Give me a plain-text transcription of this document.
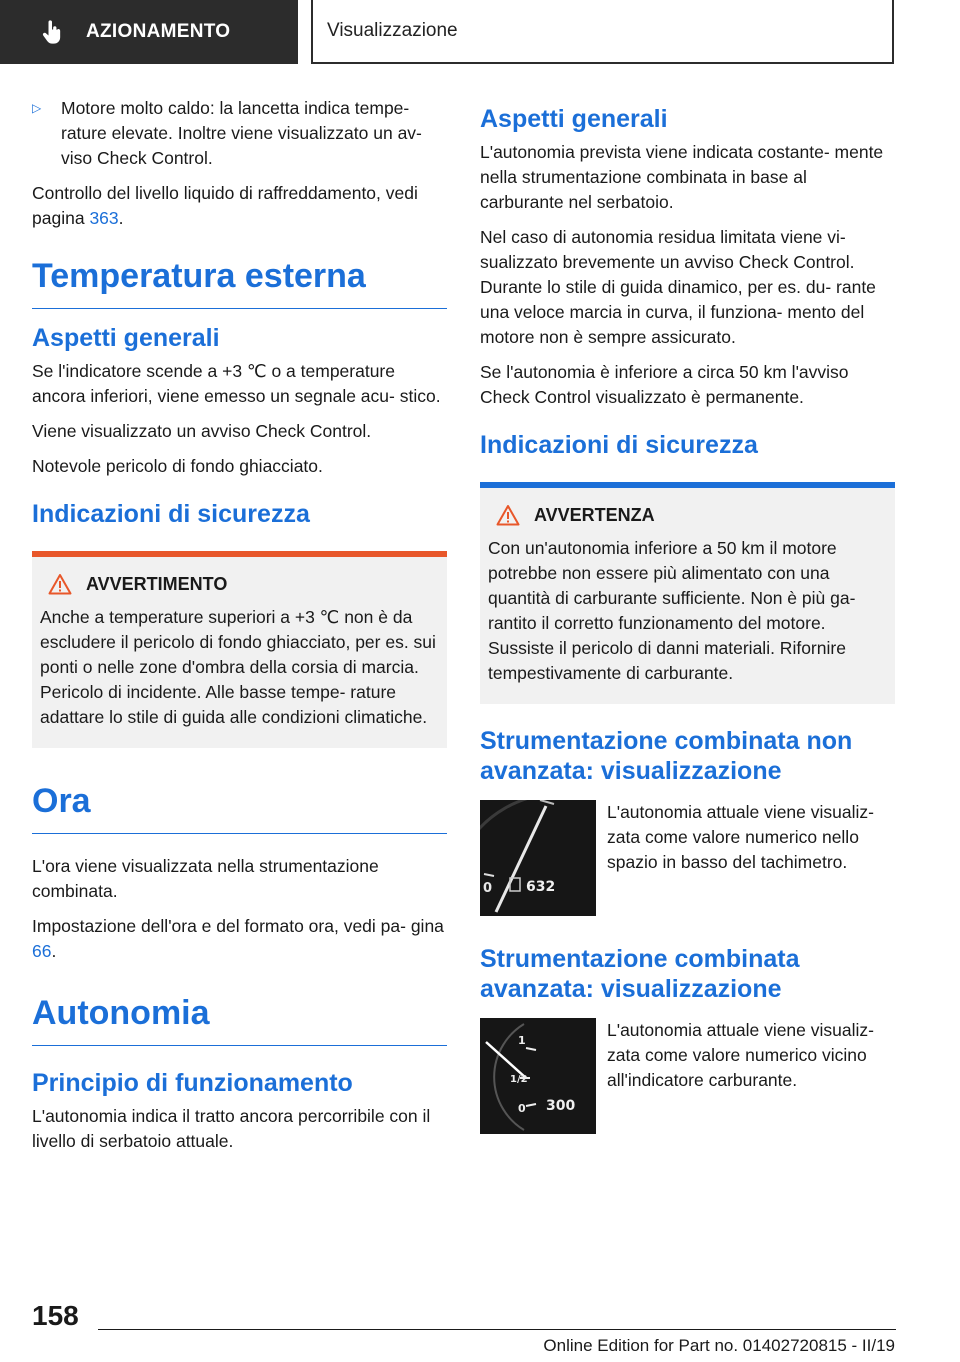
AZIONAMENTO	Visualizzazione

▷ Motore molto caldo: la lancetta indica tempe- rature elevate. Inoltre viene visualizzato un av- viso Check Control.

Controllo del livello liquido di raffreddamento, vedi pagina 363.

Temperatura esterna
Aspetti generali

Se l'indicatore scende a +3 ℃ o a temperature ancora inferiori, viene emesso un segnale acu- stico.

Viene visualizzato un avviso Check Control.

Notevole pericolo di fondo ghiacciato.

Indicazioni di sicurezza
AVVERTIMENTO

Anche a temperature superiori a +3 ℃ non è da escludere il pericolo di fondo ghiacciato, per es. sui ponti o nelle zone d'ombra della corsia di marcia. Pericolo di incidente. Alle basse tempe- rature adattare lo stile di guida alle condizioni climatiche.

Ora

L'ora viene visualizzata nella strumentazione combinata.

Impostazione dell'ora e del formato ora, vedi pa- gina 66.

Autonomia
Principio di funzionamento

L'autonomia indica il tratto ancora percorribile con il livello di serbatoio attuale.

Aspetti generali

L'autonomia prevista viene indicata costante- mente nella strumentazione combinata in base al carburante nel serbatoio.

Nel caso di autonomia residua limitata viene vi- sualizzato brevemente un avviso Check Control. Durante lo stile di guida dinamico, per es. du- rante una veloce marcia in curva, il funziona- mento del motore non è sempre assicurato.

Se l'autonomia è inferiore a circa 50 km l'avviso Check Control visualizzato è permanente.

Indicazioni di sicurezza
AVVERTENZA

Con un'autonomia inferiore a 50 km il motore potrebbe non essere più alimentato con una quantità di carburante sufficiente. Non è più ga- rantito il corretto funzionamento del motore. Sussiste il pericolo di danni materiali. Rifornire tempestivamente di carburante.

Strumentazione combinata non avanzata: visualizzazione
0 632

L'autonomia attuale viene visualiz- zata come valore numerico nello spazio in basso del tachimetro.

Strumentazione combinata avanzata: visualizzazione
1
1/2
0 300

L'autonomia attuale viene visualiz- zata come valore numerico vicino all'indicatore carburante.

158
Online Edition for Part no. 01402720815 - II/19
